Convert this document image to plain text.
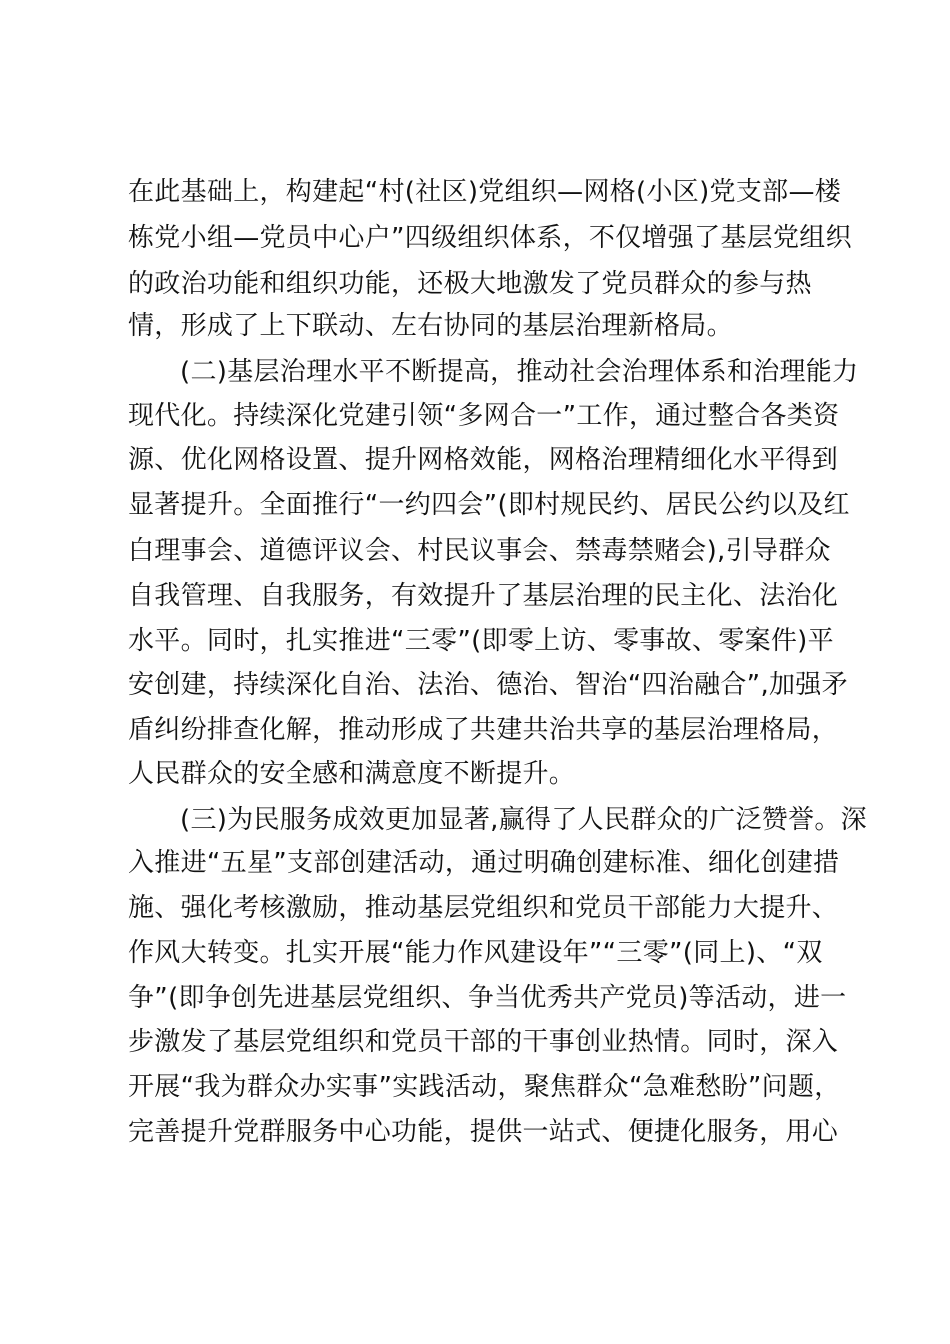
在此基础上，构建起“村(社区)党组织—网格(小区)党支部—楼
栋党小组—党员中心户”四级组织体系，不仅增强了基层党组织
的政治功能和组织功能，还极大地激发了党员群众的参与热
情，形成了上下联动、左右协同的基层治理新格局。
(二)基层治理水平不断提高，推动社会治理体系和治理能力
现代化。持续深化党建引领“多网合一”工作，通过整合各类资
源、优化网格设置、提升网格效能，网格治理精细化水平得到
显著提升。全面推行“一约四会”(即村规民约、居民公约以及红
白理事会、道德评议会、村民议事会、禁毒禁赌会),引导群众
自我管理、自我服务，有效提升了基层治理的民主化、法治化
水平。同时，扎实推进“三零”(即零上访、零事故、零案件)平
安创建，持续深化自治、法治、德治、智治“四治融合”,加强矛
盾纠纷排查化解，推动形成了共建共治共享的基层治理格局，
人民群众的安全感和满意度不断提升。
(三)为民服务成效更加显著,赢得了人民群众的广泛赞誉。深
入推进“五星”支部创建活动，通过明确创建标准、细化创建措
施、强化考核激励，推动基层党组织和党员干部能力大提升、
作风大转变。扎实开展“能力作风建设年”“三零”(同上)、“双
争”(即争创先进基层党组织、争当优秀共产党员)等活动，进一
步激发了基层党组织和党员干部的干事创业热情。同时，深入
开展“我为群众办实事”实践活动，聚焦群众“急难愁盼”问题，
完善提升党群服务中心功能，提供一站式、便捷化服务，用心
